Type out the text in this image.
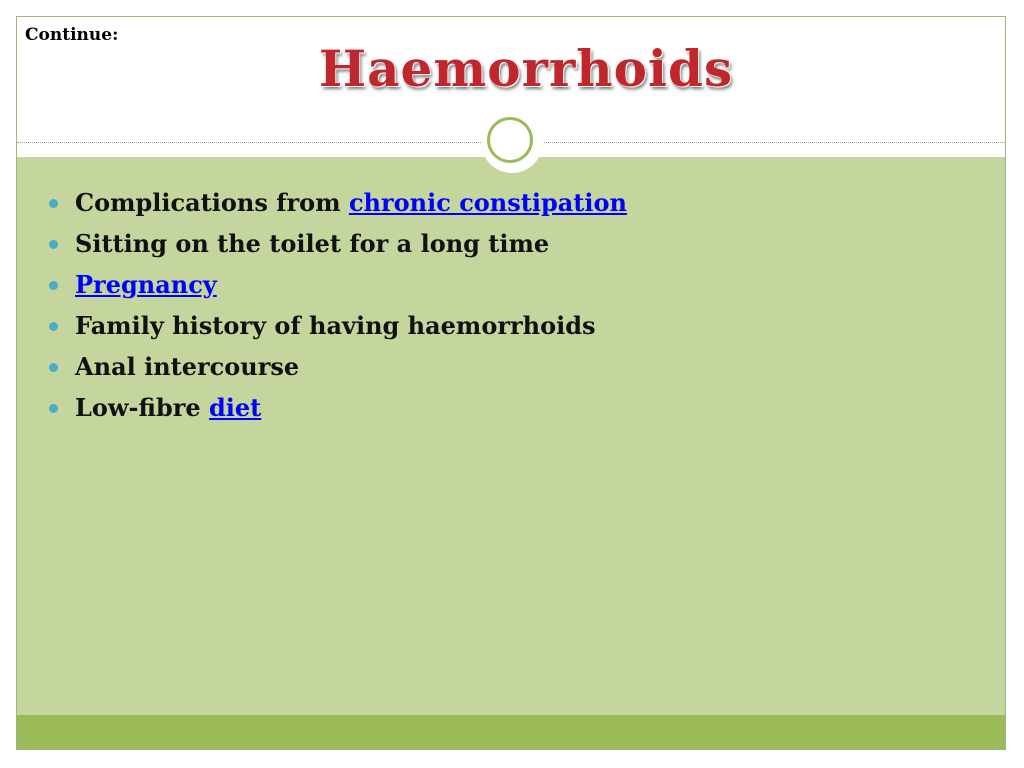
Continue:
Haemorrhoids
Complications from chronic constipation
Sitting on the toilet for a long time
Pregnancy
Family history of having haemorrhoids
Anal intercourse
Low-fibre diet
